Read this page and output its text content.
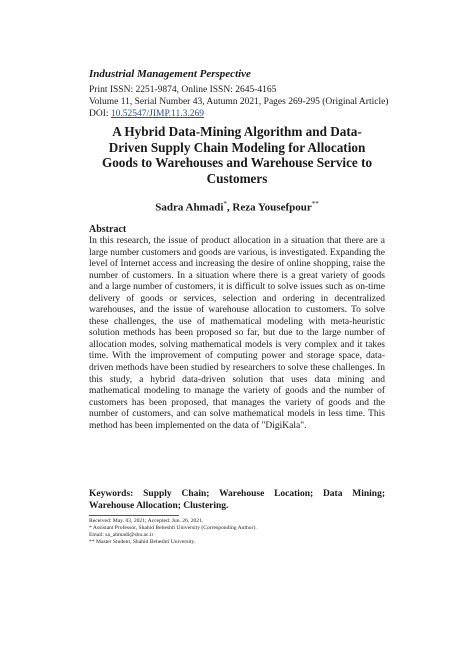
Industrial Management Perspective
Print ISSN: 2251-9874, Online ISSN: 2645-4165
Volume 11, Serial Number 43, Autumn 2021, Pages 269-295 (Original Article)
DOI: 10.52547/JIMP.11.3.269
A Hybrid Data-Mining Algorithm and Data-Driven Supply Chain Modeling for Allocation Goods to Warehouses and Warehouse Service to Customers
Sadra Ahmadi*, Reza Yousefpour**
Abstract
In this research, the issue of product allocation in a situation that there are a large number customers and goods are various, is investigated. Expanding the level of Internet access and increasing the desire of online shopping, raise the number of customers. In a situation where there is a great variety of goods and a large number of customers, it is difficult to solve issues such as on-time delivery of goods or services, selection and ordering in decentralized warehouses, and the issue of warehouse allocation to customers. To solve these challenges, the use of mathematical modeling with meta-heuristic solution methods has been proposed so far, but due to the large number of allocation modes, solving mathematical models is very complex and it takes time. With the improvement of computing power and storage space, data-driven methods have been studied by researchers to solve these challenges. In this study, a hybrid data-driven solution that uses data mining and mathematical modeling to manage the variety of goods and the number of customers has been proposed, that manages the variety of goods and the number of customers, and can solve mathematical models in less time. This method has been implemented on the data of "DigiKala".
Keywords: Supply Chain; Warehouse Location; Data Mining; Warehouse Allocation; Clustering.
Received: May. 03, 2021; Accepted: Jun. 26, 2021.
* Assistant Professor, Shahid Beheshti University (Corresponding Author).
Email: sa_ahmadi@sbu.ac.ir
** Master Student, Shahid Beheshti University.
